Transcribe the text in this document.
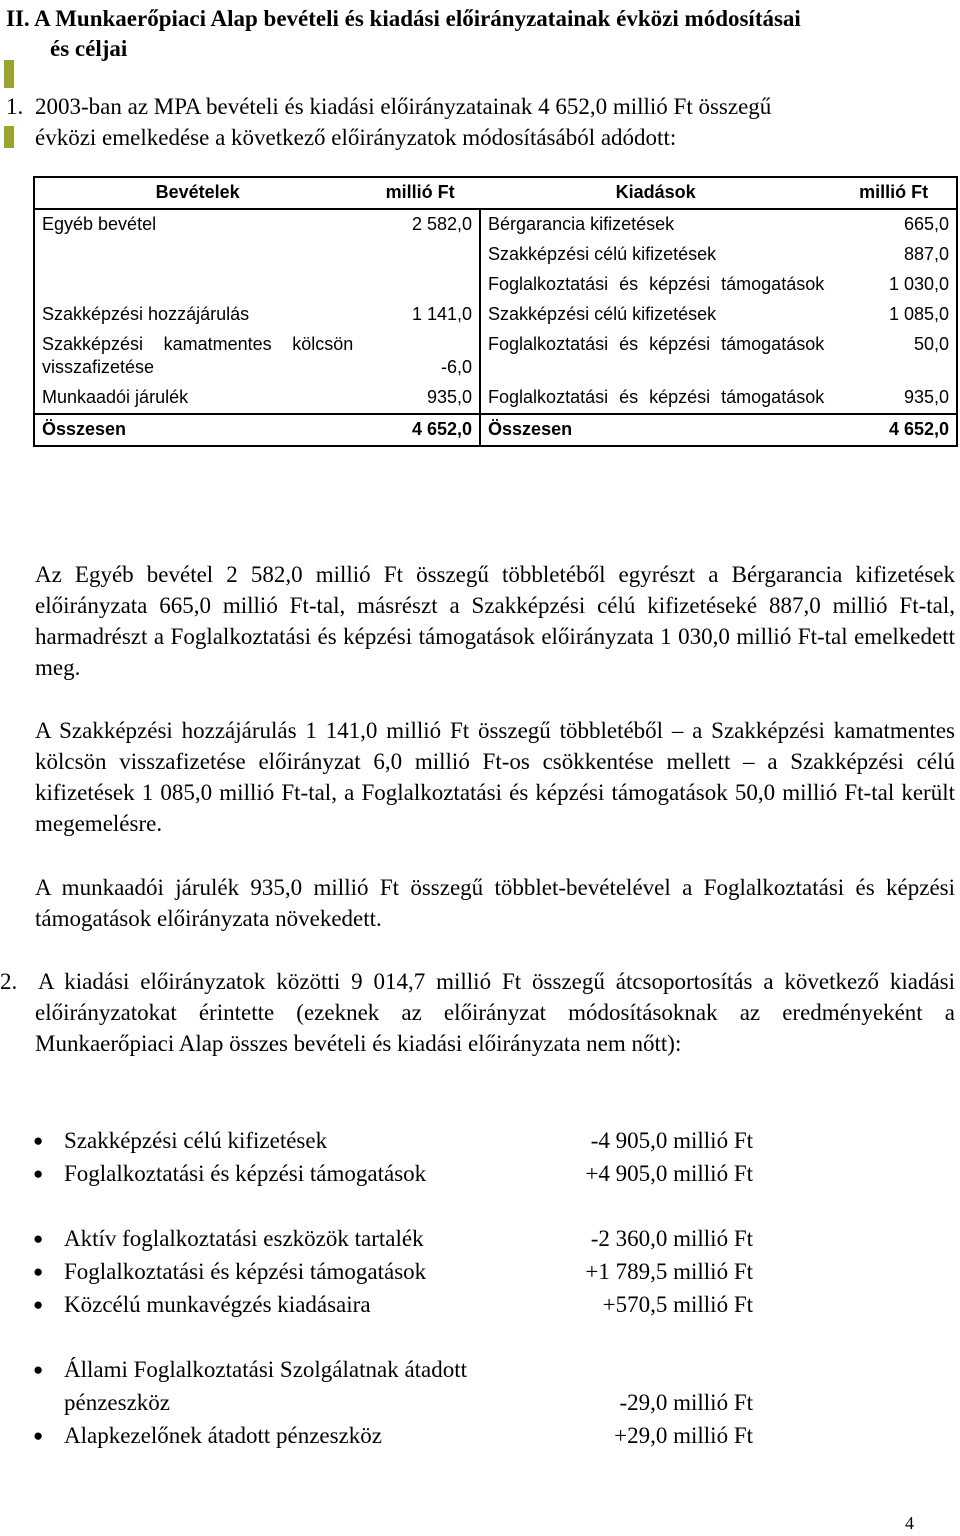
II. A Munkaerőpiaci Alap bevételi és kiadási előirányzatainak évközi módosításai
és céljai

1. 2003-ban az MPA bevételi és kiadási előirányzatainak 4 652,0 millió Ft összegű
évközi emelkedése a következő előirányzatok módosításából adódott:

Bevételek	millió Ft	Kiadások	millió Ft
Egyéb bevétel	2 582,0	Bérgarancia kifizetések	665,0
		Szakképzési célú kifizetések	887,0
		Foglalkoztatási és képzési támogatások	1 030,0
Szakképzési hozzájárulás	1 141,0	Szakképzési célú kifizetések	1 085,0
Szakképzési kamatmentes kölcsön visszafizetése	-6,0	Foglalkoztatási és képzési támogatások	50,0
Munkaadói járulék	935,0	Foglalkoztatási és képzési támogatások	935,0
Összesen	4 652,0	Összesen	4 652,0

Az Egyéb bevétel 2 582,0 millió Ft összegű többletéből egyrészt a Bérgarancia kifizetések előirányzata 665,0 millió Ft-tal, másrészt a Szakképzési célú kifizetéseké 887,0 millió Ft-tal, harmadrészt a Foglalkoztatási és képzési támogatások előirányzata 1 030,0 millió Ft-tal emelkedett meg.

A Szakképzési hozzájárulás 1 141,0 millió Ft összegű többletéből – a Szakképzési kamatmentes kölcsön visszafizetése előirányzat 6,0 millió Ft-os csökkentése mellett – a Szakképzési célú kifizetések 1 085,0 millió Ft-tal, a Foglalkoztatási és képzési támogatások 50,0 millió Ft-tal került megemelésre.

A munkaadói járulék 935,0 millió Ft összegű többlet-bevételével a Foglalkoztatási és képzési támogatások előirányzata növekedett.

2. A kiadási előirányzatok közötti 9 014,7 millió Ft összegű átcsoportosítás a következő kiadási előirányzatokat érintette (ezeknek az előirányzat módosításoknak az eredményeként a Munkaerőpiaci Alap összes bevételi és kiadási előirányzata nem nőtt):

● Szakképzési célú kifizetések	-4 905,0 millió Ft
● Foglalkoztatási és képzési támogatások	+4 905,0 millió Ft
● Aktív foglalkoztatási eszközök tartalék	-2 360,0 millió Ft
● Foglalkoztatási és képzési támogatások	+1 789,5 millió Ft
● Közcélú munkavégzés kiadásaira	+570,5 millió Ft
● Állami Foglalkoztatási Szolgálatnak átadott pénzeszköz	-29,0 millió Ft
● Alapkezelőnek átadott pénzeszköz	+29,0 millió Ft
4
